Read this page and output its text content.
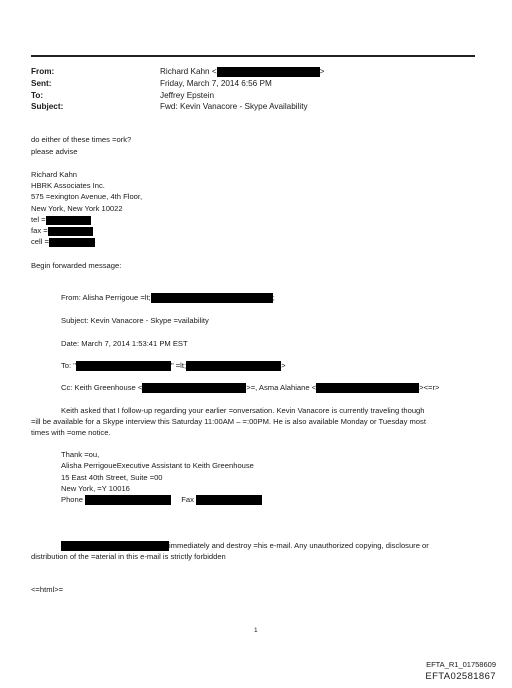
From:	Richard Kahn <	>
Sent:	Friday, March 7, 2014 6:56 PM
To:	Jeffrey Epstein
Subject:	Fwd: Kevin Vanacore - Skype Availability
do either of these times =ork?
please advise
Richard Kahn
HBRK Associates Inc.
575 =exington Avenue, 4th Floor,
New York, New York 10022
tel =
fax =
cell =
Begin forwarded message:
From: Alisha Perrigoue =lt;	;
Subject: Kevin Vanacore - Skype =vailability
Date: March 7, 2014 1:53:41 PM EST
To: "	" =lt;	>
Cc: Keith Greenhouse <	>=, Asma Alahiane <	><=r>
Keith asked that I follow-up regarding your earlier =onversation. Kevin Vanacore is currently traveling though
=ill be available for a Skype interview this Saturday 11:00AM – =:00PM. He is also available Monday or Tuesday most
times with =ome notice.
Thank =ou,
Alisha PerrigoueExecutive Assistant to Keith Greenhouse
15 East 40th Street, Suite =00
New York, =Y 10016
Phone	Fax
immediately and destroy =his e-mail. Any unauthorized copying, disclosure or
distribution of the =aterial in this e-mail is strictly forbidden
<=html>=
1
EFTA_R1_01758609
EFTA02581867
